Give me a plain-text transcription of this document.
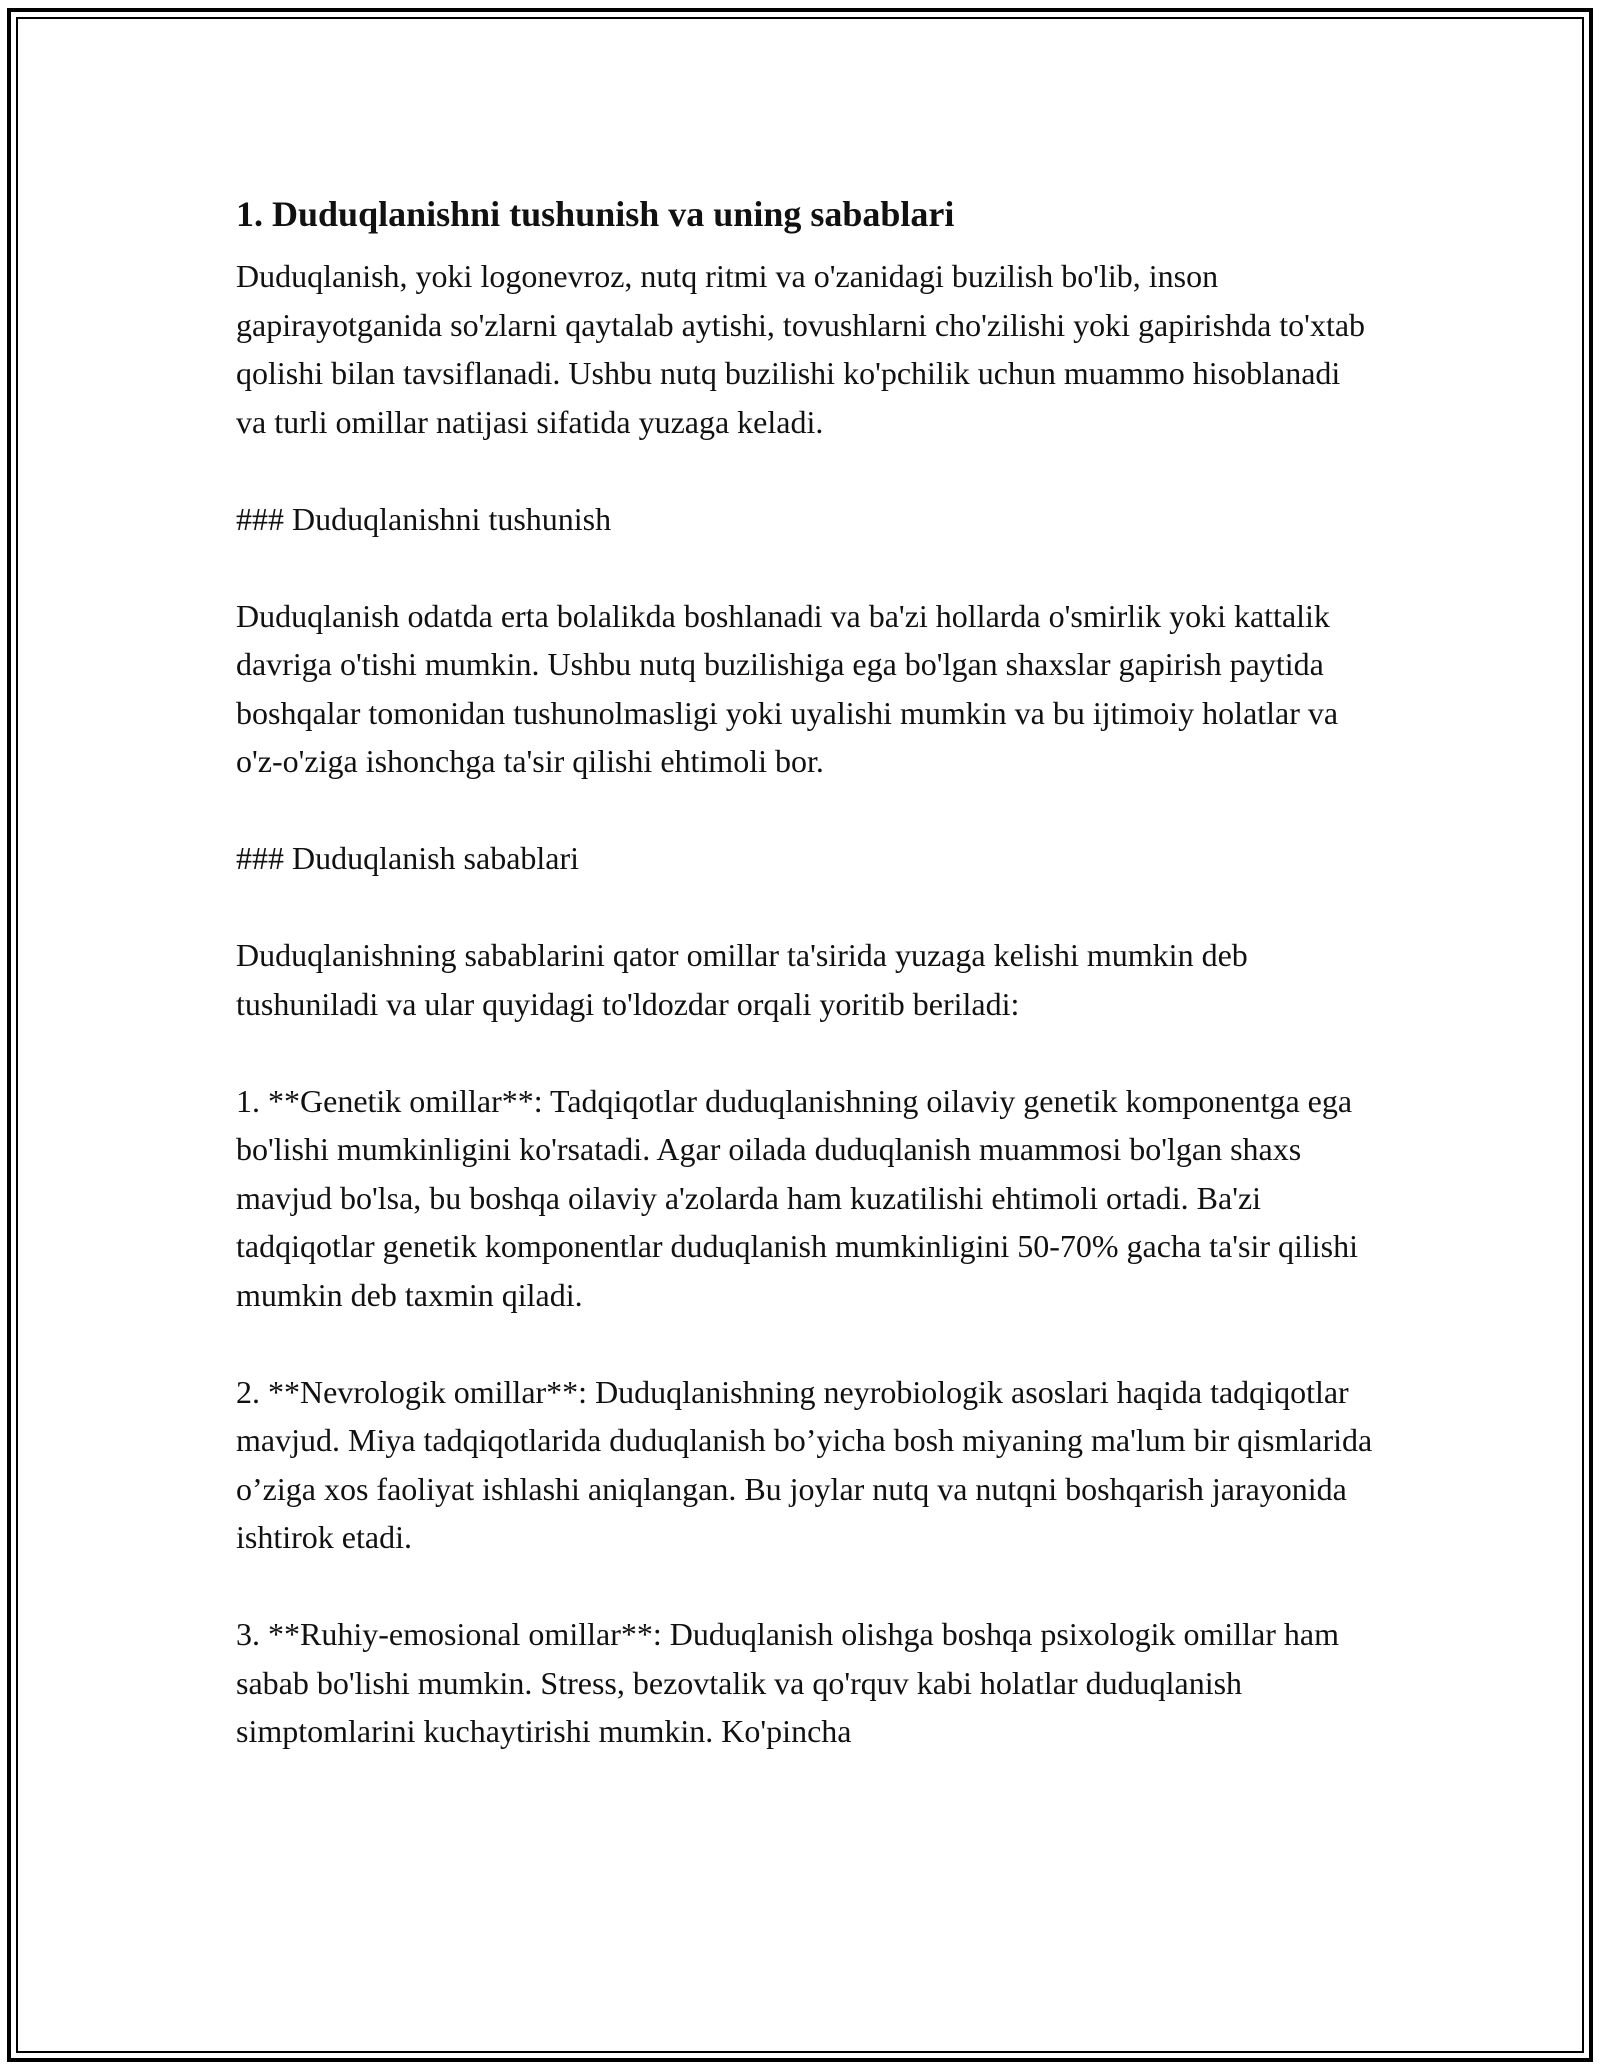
1. Duduqlanishni tushunish va uning sabablari

Duduqlanish, yoki logonevroz, nutq ritmi va o'zanidagi buzilish bo'lib, inson gapirayotganida so'zlarni qaytalab aytishi, tovushlarni cho'zilishi yoki gapirishda to'xtab qolishi bilan tavsiflanadi. Ushbu nutq buzilishi ko'pchilik uchun muammo hisoblanadi va turli omillar natijasi sifatida yuzaga keladi.

### Duduqlanishni tushunish

Duduqlanish odatda erta bolalikda boshlanadi va ba'zi hollarda o'smirlik yoki kattalik davriga o'tishi mumkin. Ushbu nutq buzilishiga ega bo'lgan shaxslar gapirish paytida boshqalar tomonidan tushunolmasligi yoki uyalishi mumkin va bu ijtimoiy holatlar va o'z-o'ziga ishonchga ta'sir qilishi ehtimoli bor.

### Duduqlanish sabablari

Duduqlanishning sabablarini qator omillar ta'sirida yuzaga kelishi mumkin deb tushuniladi va ular quyidagi to'ldozdar orqali yoritib beriladi:

1. **Genetik omillar**: Tadqiqotlar duduqlanishning oilaviy genetik komponentga ega bo'lishi mumkinligini ko'rsatadi. Agar oilada duduqlanish muammosi bo'lgan shaxs mavjud bo'lsa, bu boshqa oilaviy a'zolarda ham kuzatilishi ehtimoli ortadi. Ba'zi tadqiqotlar genetik komponentlar duduqlanish mumkinligini 50-70% gacha ta'sir qilishi mumkin deb taxmin qiladi.

2. **Nevrologik omillar**: Duduqlanishning neyrobiologik asoslari haqida tadqiqotlar mavjud. Miya tadqiqotlarida duduqlanish bo’yicha bosh miyaning ma'lum bir qismlarida o’ziga xos faoliyat ishlashi aniqlangan. Bu joylar nutq va nutqni boshqarish jarayonida ishtirok etadi.

3. **Ruhiy-emosional omillar**: Duduqlanish olishga boshqa psixologik omillar ham sabab bo'lishi mumkin. Stress, bezovtalik va qo'rquv kabi holatlar duduqlanish simptomlarini kuchaytirishi mumkin. Ko'pincha
